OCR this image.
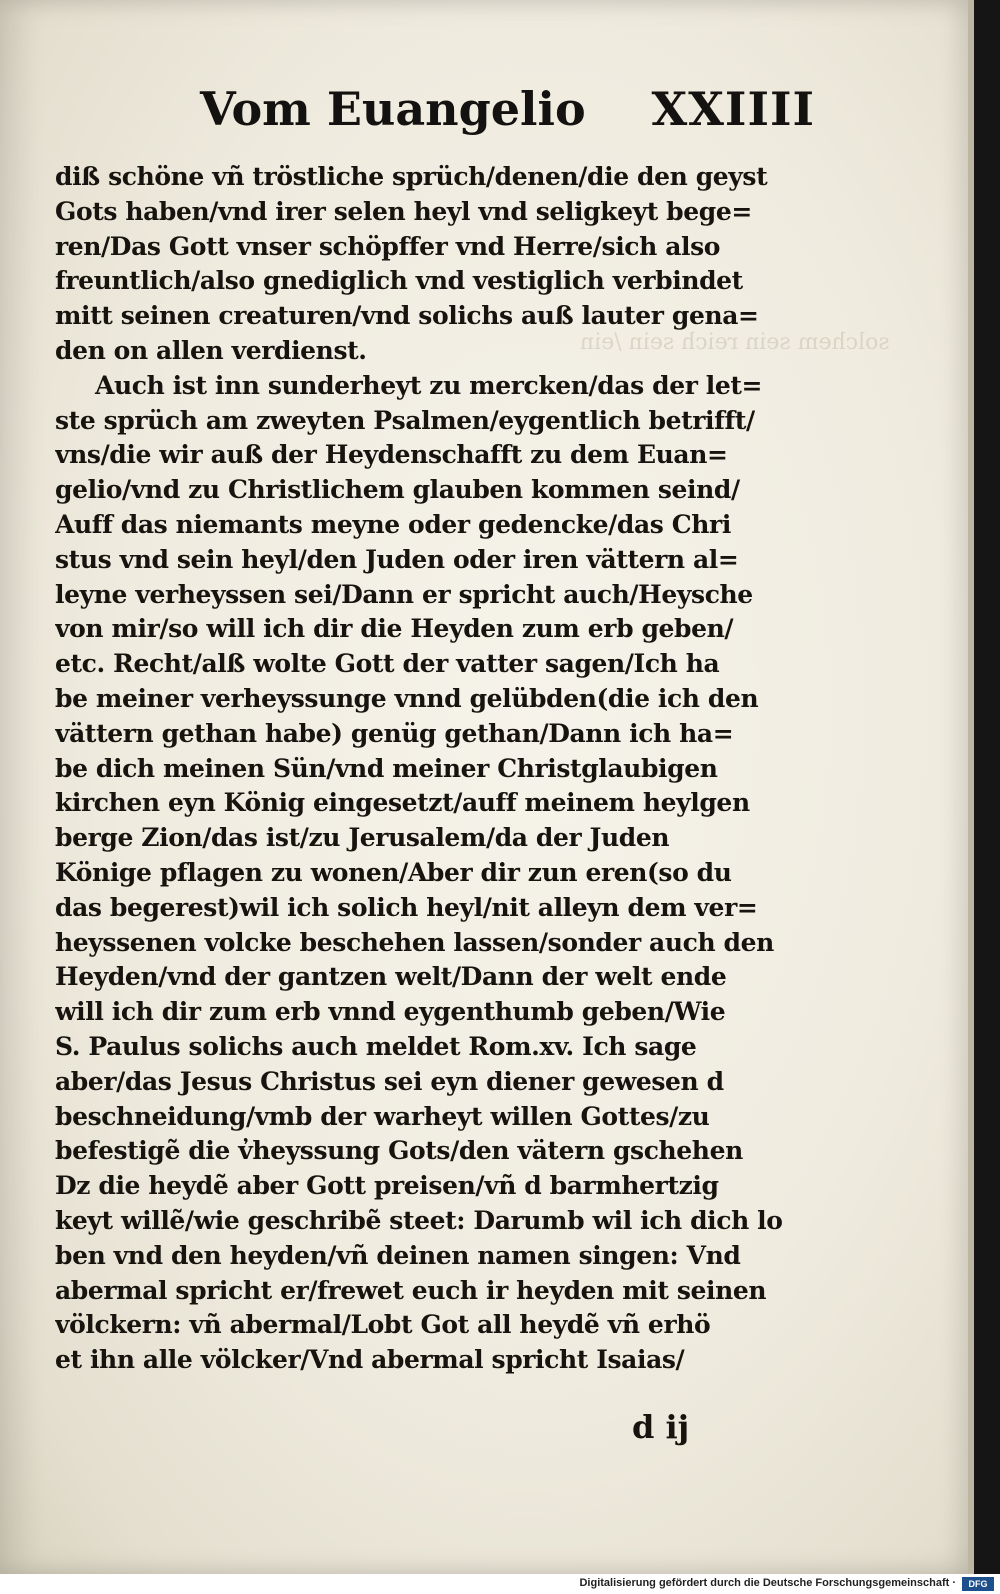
solchem sein reich sein /ein
Vom Euangelio XXIIII
diß schöne vñ tröstliche sprüch/denen/die den geyst
Gots haben/vnd irer selen heyl vnd seligkeyt bege=
ren/Das Gott vnser schöpffer vnd Herre/sich also
freuntlich/also gnediglich vnd vestiglich verbindet
mitt seinen creaturen/vnd solichs auß lauter gena=
den on allen verdienst.
Auch ist inn sunderheyt zu mercken/das der let=
ste sprüch am zweyten Psalmen/eygentlich betrifft/
vns/die wir auß der Heydenschafft zu dem Euan=
gelio/vnd zu Christlichem glauben kommen seind/
Auff das niemants meyne oder gedencke/das Chri
stus vnd sein heyl/den Juden oder iren vättern al=
leyne verheyssen sei/Dann er spricht auch/Heysche
von mir/so will ich dir die Heyden zum erb geben/
etc. Recht/alß wolte Gott der vatter sagen/Ich ha
be meiner verheyssunge vnnd gelübden(die ich den
vättern gethan habe) genüg gethan/Dann ich ha=
be dich meinen Sün/vnd meiner Christglaubigen
kirchen eyn König eingesetzt/auff meinem heylgen
berge Zion/das ist/zu Jerusalem/da der Juden
Könige pflagen zu wonen/Aber dir zun eren(so du
das begerest)wil ich solich heyl/nit alleyn dem ver=
heyssenen volcke beschehen lassen/sonder auch den
Heyden/vnd der gantzen welt/Dann der welt ende
will ich dir zum erb vnnd eygenthumb geben/Wie
S. Paulus solichs auch meldet Rom.xv. Ich sage
aber/das Jesus Christus sei eyn diener gewesen d
beschneidung/vmb der warheyt willen Gottes/zu
befestigẽ die v̓heyssung Gots/den vätern gschehen
Dz die heydẽ aber Gott preisen/vñ d barmhertzig
keyt willẽ/wie geschribẽ steet: Darumb wil ich dich lo
ben vnd den heyden/vñ deinen namen singen: Vnd
abermal spricht er/frewet euch ir heyden mit seinen
völckern: vñ abermal/Lobt Got all heydẽ vñ erhö
et ihn alle völcker/Vnd abermal spricht Isaias/
d ij
Digitalisierung gefördert durch die Deutsche Forschungsgemeinschaft ·	DFG
